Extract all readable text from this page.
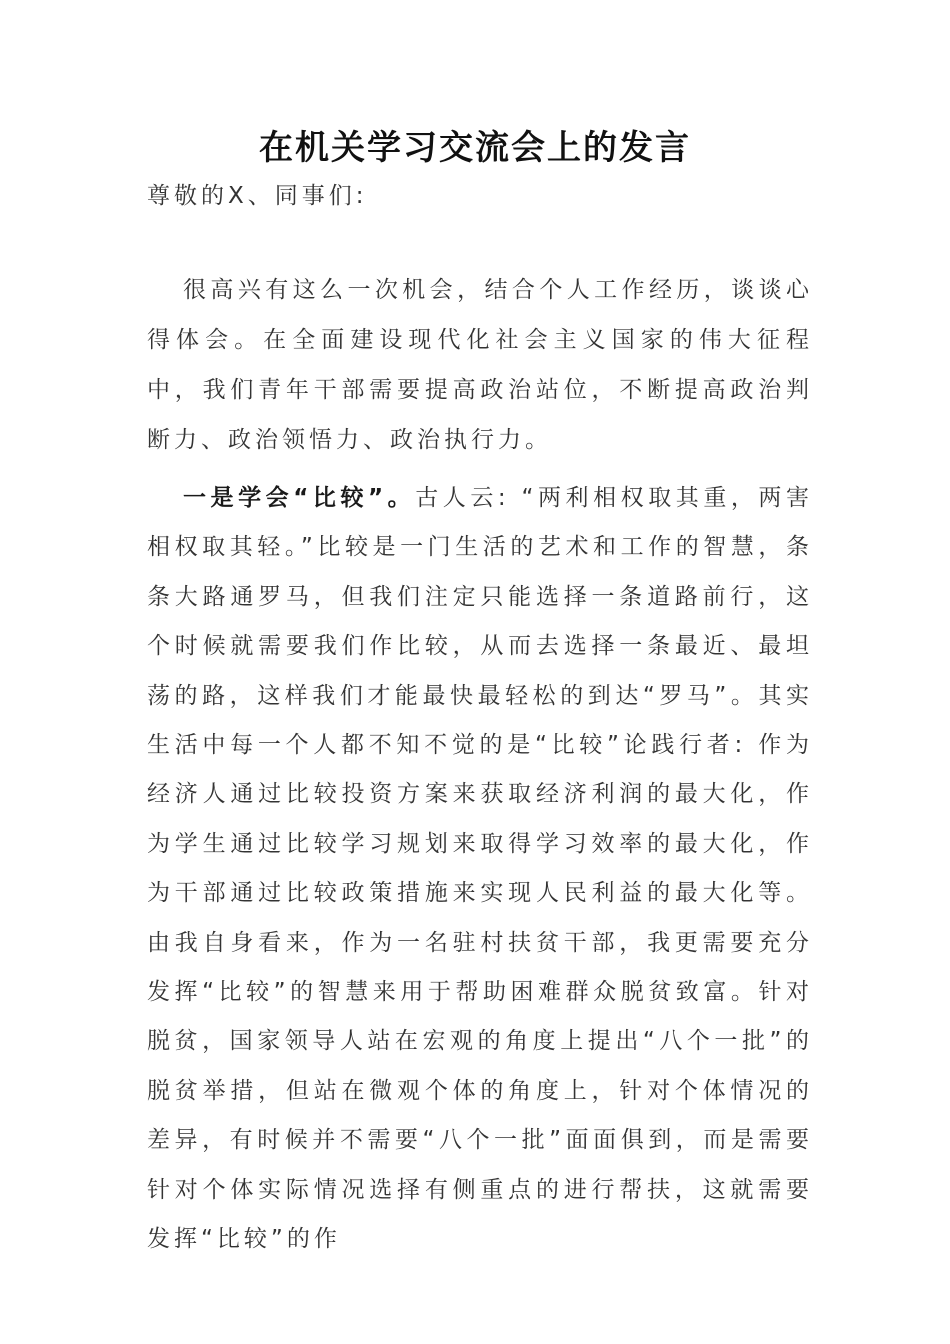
在机关学习交流会上的发言

尊敬的X、同事们:

很高兴有这么一次机会，结合个人工作经历，谈谈心得体会。在全面建设现代化社会主义国家的伟大征程中，我们青年干部需要提高政治站位，不断提高政治判断力、政治领悟力、政治执行力。

一是学会“比较”。古人云: “两利相权取其重，两害相权取其轻。”比较是一门生活的艺术和工作的智慧，条条大路通罗马，但我们注定只能选择一条道路前行，这个时候就需要我们作比较，从而去选择一条最近、最坦荡的路，这样我们才能最快最轻松的到达“罗马”。其实生活中每一个人都不知不觉的是“比较”论践行者: 作为经济人通过比较投资方案来获取经济利润的最大化，作为学生通过比较学习规划来取得学习效率的最大化，作为干部通过比较政策措施来实现人民利益的最大化等。由我自身看来，作为一名驻村扶贫干部，我更需要充分发挥“比较”的智慧来用于帮助困难群众脱贫致富。针对脱贫，国家领导人站在宏观的角度上提出“八个一批”的脱贫举措，但站在微观个体的角度上，针对个体情况的差异，有时候并不需要“八个一批”面面俱到，而是需要针对个体实际情况选择有侧重点的进行帮扶，这就需要发挥“比较”的作
